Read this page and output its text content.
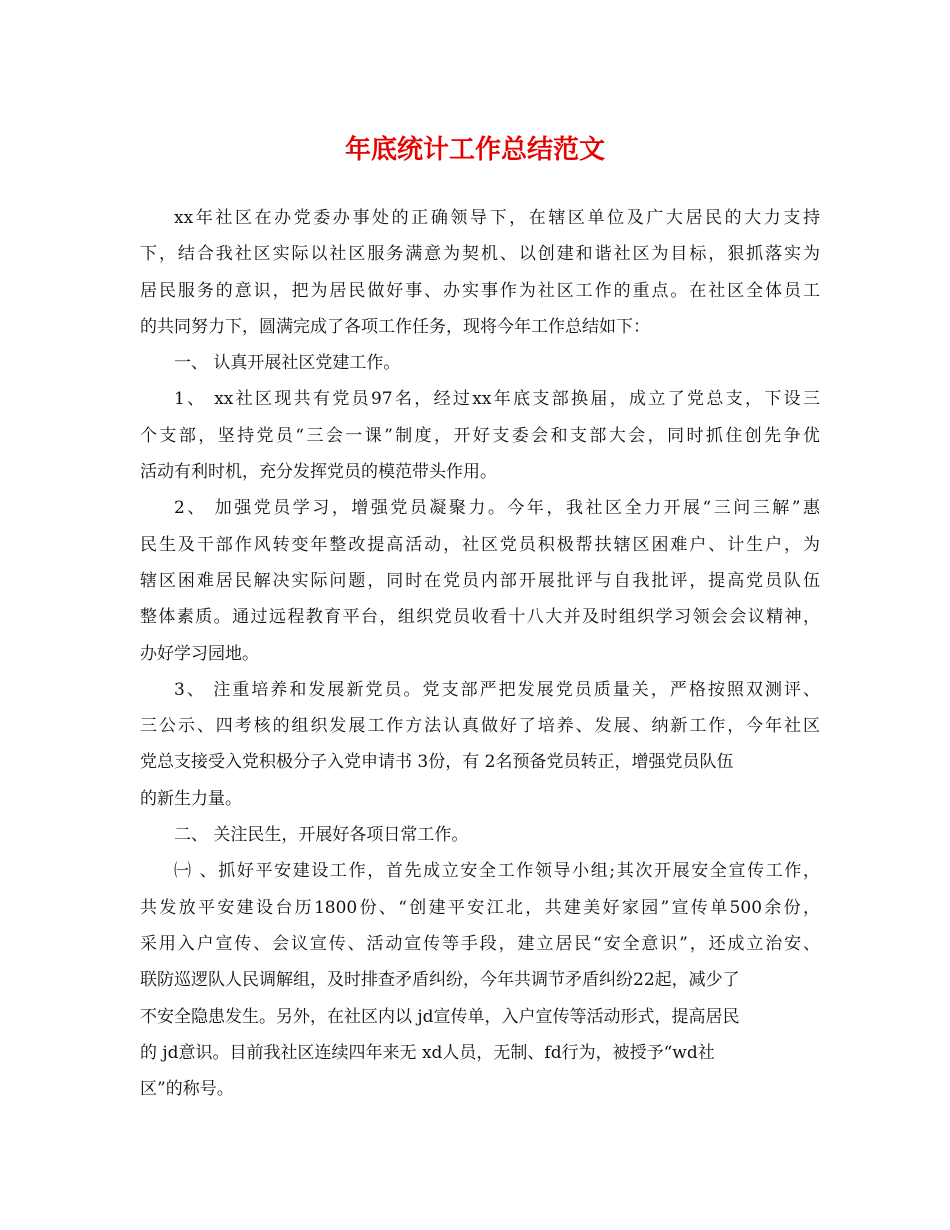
年底统计工作总结范文

xx年社区在办党委办事处的正确领导下，在辖区单位及广大居民的大力支持

下，结合我社区实际以社区服务满意为契机、以创建和谐社区为目标，狠抓落实为

居民服务的意识，把为居民做好事、办实事作为社区工作的重点。在社区全体员工

的共同努力下，圆满完成了各项工作任务，现将今年工作总结如下：

一、 认真开展社区党建工作。

1、 xx社区现共有党员97名，经过xx年底支部换届，成立了党总支，下设三

个支部，坚持党员“三会一课”制度，开好支委会和支部大会，同时抓住创先争优

活动有利时机，充分发挥党员的模范带头作用。

2、 加强党员学习，增强党员凝聚力。今年，我社区全力开展“三问三解”惠

民生及干部作风转变年整改提高活动，社区党员积极帮扶辖区困难户、计生户，为

辖区困难居民解决实际问题，同时在党员内部开展批评与自我批评，提高党员队伍

整体素质。通过远程教育平台，组织党员收看十八大并及时组织学习领会会议精神，

办好学习园地。

3、 注重培养和发展新党员。党支部严把发展党员质量关，严格按照双测评、

三公示、四考核的组织发展工作方法认真做好了培养、发展、纳新工作，今年社区

党总支接受入党积极分子入党申请书 3份，有 2名预备党员转正，增强党员队伍

的新生力量。

二、 关注民生，开展好各项日常工作。

㈠ 、抓好平安建设工作，首先成立安全工作领导小组;其次开展安全宣传工作，

共发放平安建设台历1800份、“创建平安江北，共建美好家园”宣传单500余份，

采用入户宣传、会议宣传、活动宣传等手段，建立居民“安全意识”，还成立治安、

联防巡逻队人民调解组，及时排查矛盾纠纷，今年共调节矛盾纠纷22起，减少了

不安全隐患发生。另外，在社区内以 jd宣传单，入户宣传等活动形式，提高居民

的 jd意识。目前我社区连续四年来无 xd人员，无制、fd行为，被授予“wd社

区”的称号。
